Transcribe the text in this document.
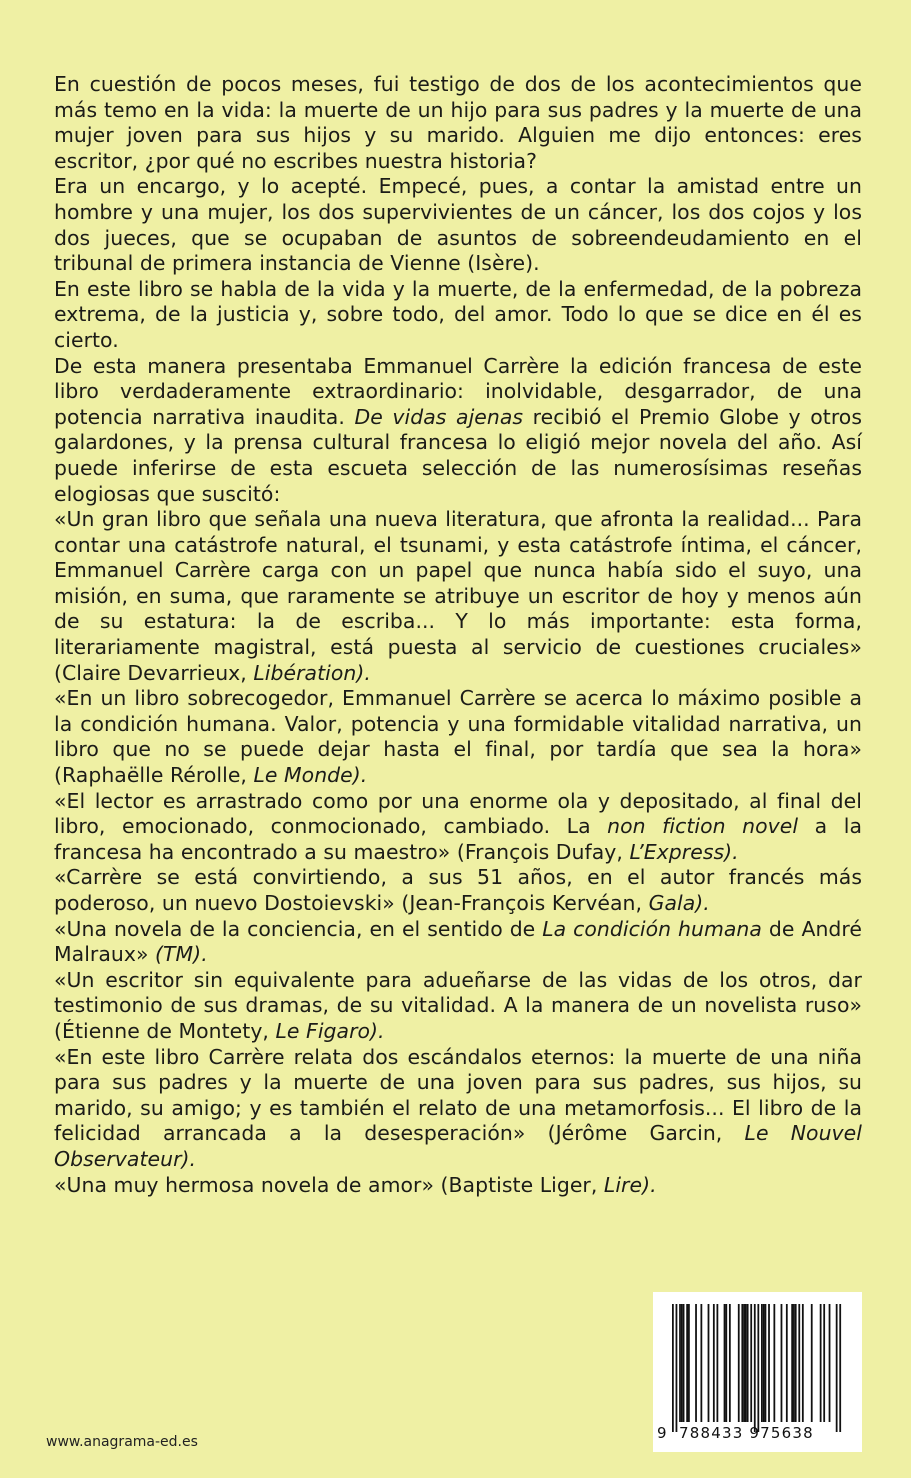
En cuestión de pocos meses, fui testigo de dos de los acontecimientos que más temo en la vida: la muerte de un hijo para sus padres y la muerte de una mujer joven para sus hijos y su marido. Alguien me dijo entonces: eres escritor, ¿por qué no escribes nuestra historia?

Era un encargo, y lo acepté. Empecé, pues, a contar la amistad entre un hombre y una mujer, los dos supervivientes de un cáncer, los dos cojos y los dos jueces, que se ocupaban de asuntos de sobreendeudamiento en el tribunal de primera instancia de Vienne (Isère).

En este libro se habla de la vida y la muerte, de la enfermedad, de la pobreza extrema, de la justicia y, sobre todo, del amor. Todo lo que se dice en él es cierto.

De esta manera presentaba Emmanuel Carrère la edición francesa de este libro verdaderamente extraordinario: inolvidable, desgarrador, de una potencia narrativa inaudita. De vidas ajenas recibió el Premio Globe y otros galardones, y la prensa cultural francesa lo eligió mejor novela del año. Así puede inferirse de esta escueta selección de las numerosísimas reseñas elogiosas que suscitó:

«Un gran libro que señala una nueva literatura, que afronta la realidad... Para contar una catástrofe natural, el tsunami, y esta catástrofe íntima, el cáncer, Emmanuel Carrère carga con un papel que nunca había sido el suyo, una misión, en suma, que raramente se atribuye un escritor de hoy y menos aún de su estatura: la de escriba... Y lo más importante: esta forma, literariamente magistral, está puesta al servicio de cuestiones cruciales» (Claire Devarrieux, Libération).

«En un libro sobrecogedor, Emmanuel Carrère se acerca lo máximo posible a la condición humana. Valor, potencia y una formidable vitalidad narrativa, un libro que no se puede dejar hasta el final, por tardía que sea la hora» (Raphaëlle Rérolle, Le Monde).

«El lector es arrastrado como por una enorme ola y depositado, al final del libro, emocionado, conmocionado, cambiado. La non fiction novel a la francesa ha encontrado a su maestro» (François Dufay, L’Express).

«Carrère se está convirtiendo, a sus 51 años, en el autor francés más poderoso, un nuevo Dostoievski» (Jean-François Kervéan, Gala).

«Una novela de la conciencia, en el sentido de La condición humana de André Malraux» (TM).

«Un escritor sin equivalente para adueñarse de las vidas de los otros, dar testimonio de sus dramas, de su vitalidad. A la manera de un novelista ruso» (Étienne de Montety, Le Figaro).

«En este libro Carrère relata dos escándalos eternos: la muerte de una niña para sus padres y la muerte de una joven para sus padres, sus hijos, su marido, su amigo; y es también el relato de una metamorfosis... El libro de la felicidad arrancada a la desesperación» (Jérôme Garcin, Le Nouvel Observateur).

«Una muy hermosa novela de amor» (Baptiste Liger, Lire).

www.anagrama-ed.es	9 788433 975638
